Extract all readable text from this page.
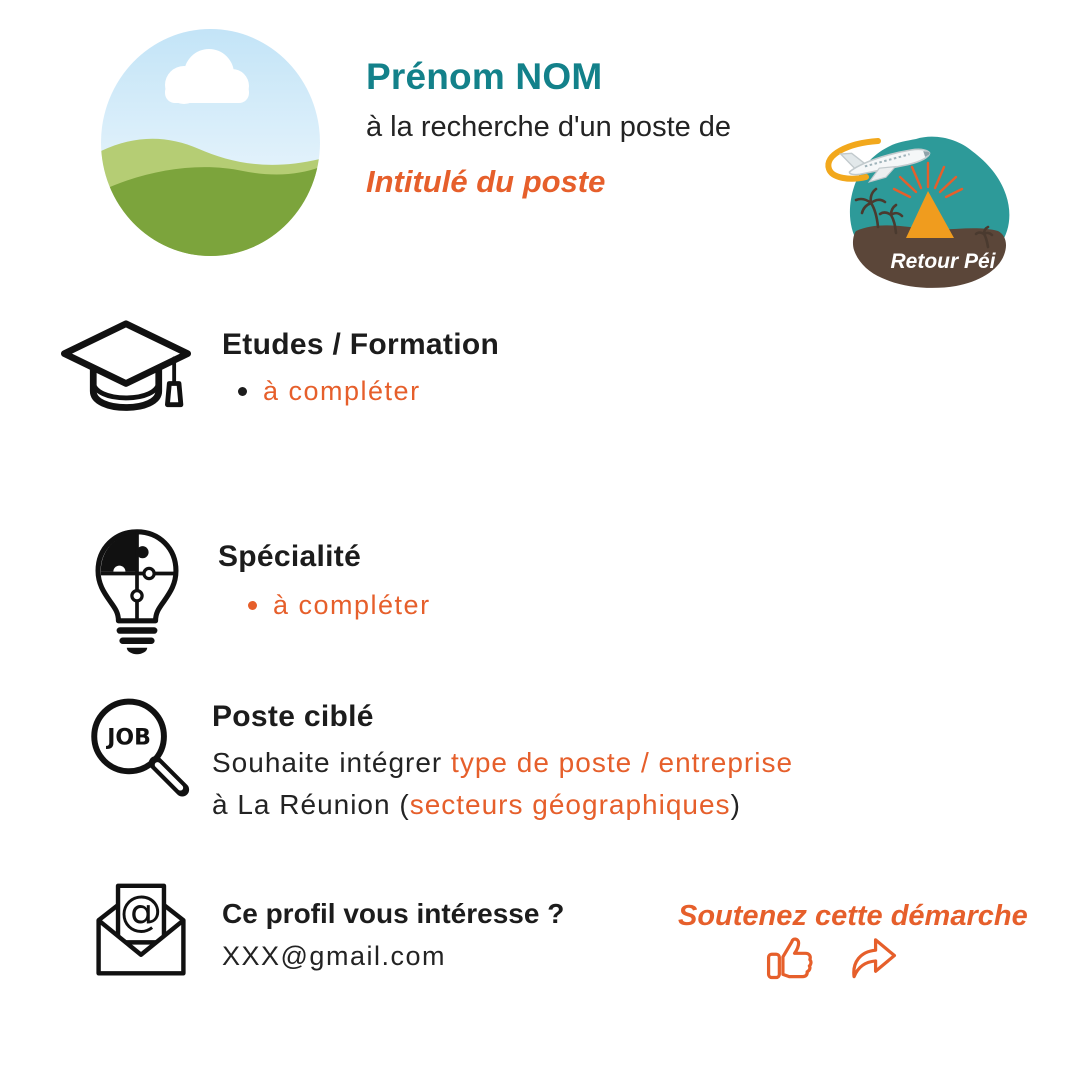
Prénom NOM
à la recherche d'un poste de
Intitulé du poste
Retour Péi
Etudes / Formation
à compléter
Spécialité
à compléter
JOB
Poste ciblé
Souhaite intégrer type de poste / entreprise
à La Réunion (secteurs géographiques)
@ Ce profil vous intéresse ?
XXX@gmail.com
Soutenez cette démarche
